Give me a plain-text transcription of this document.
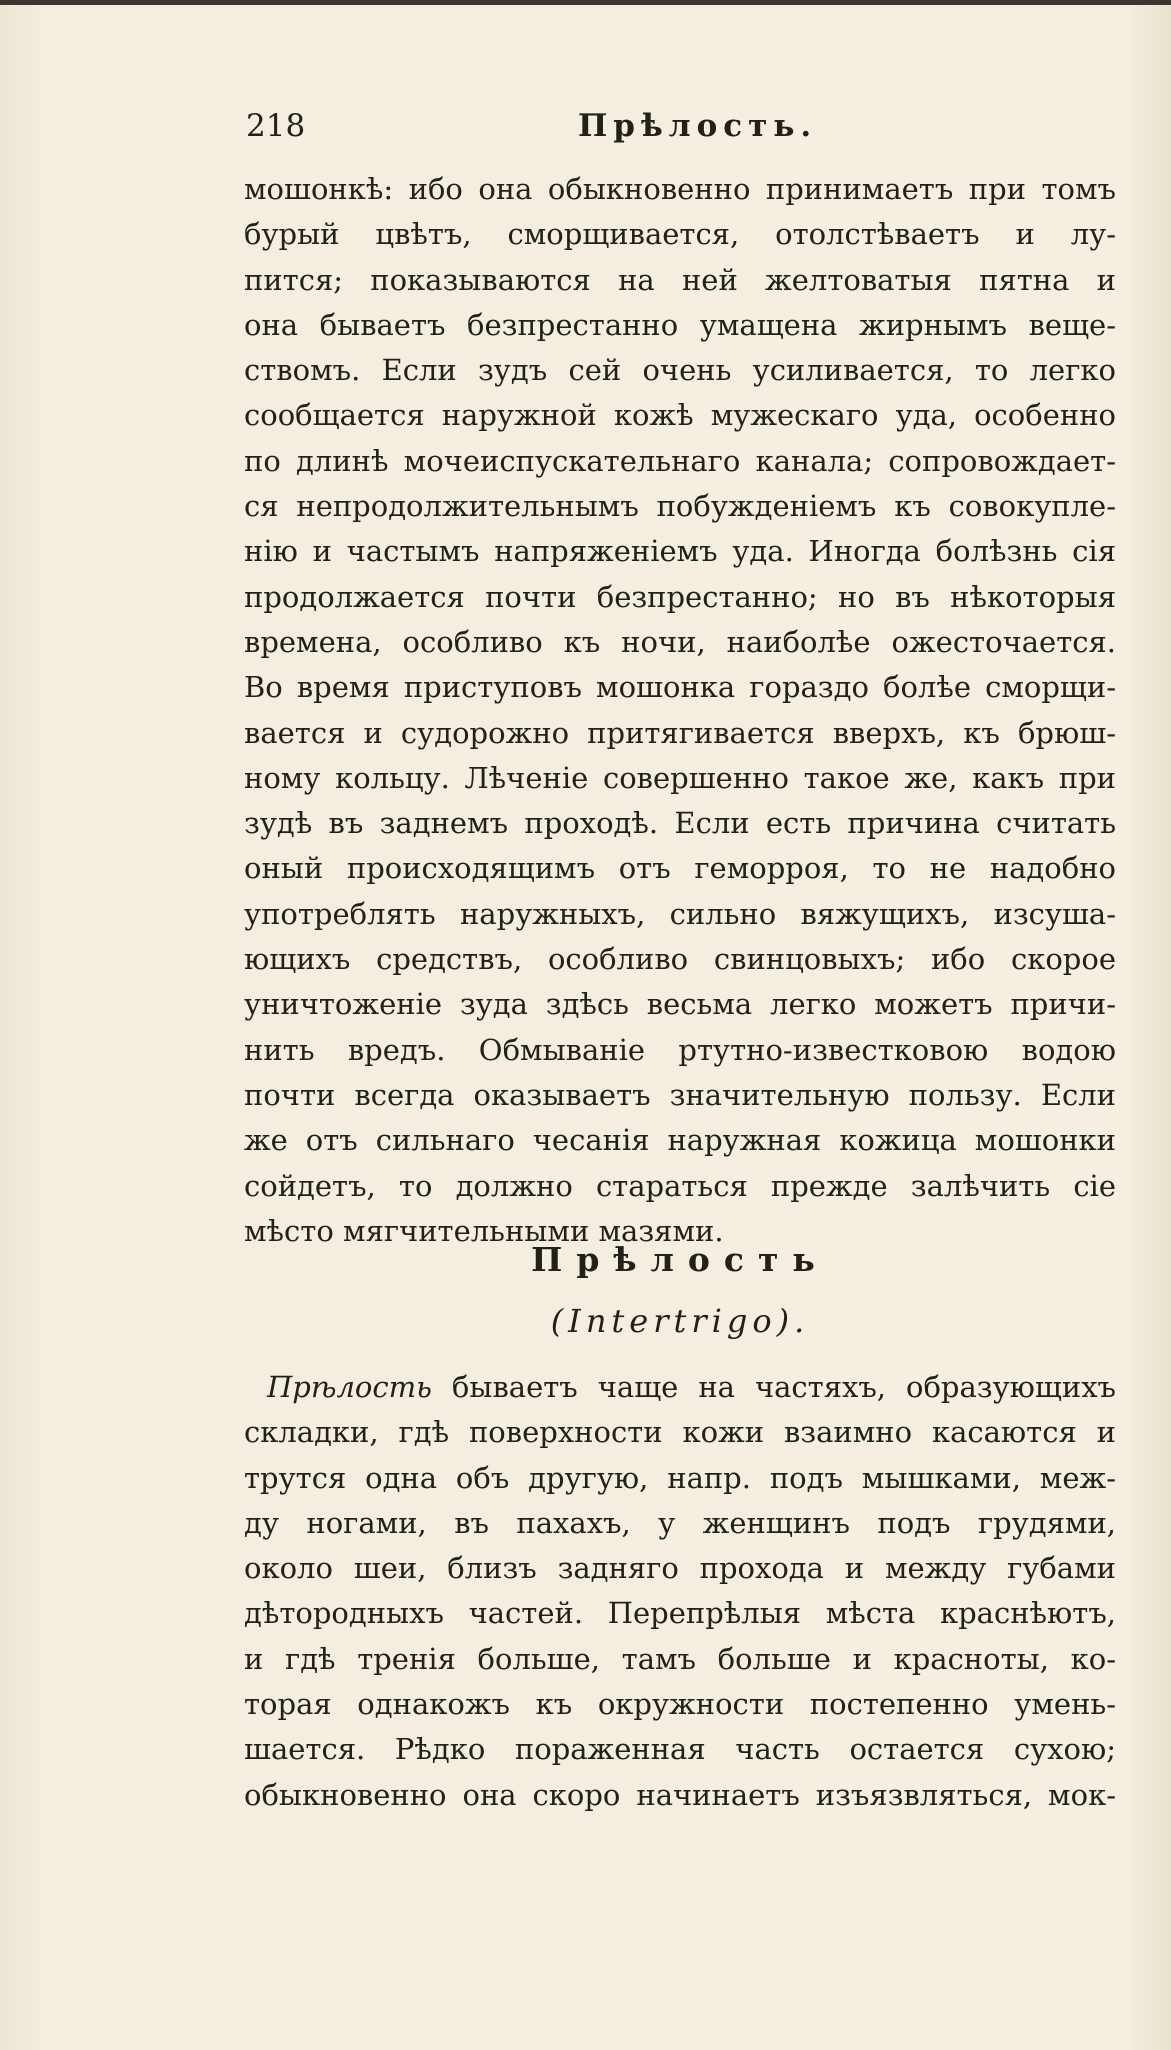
218	Прѣлость.
мошонкѣ: ибо она обыкновенно принимаетъ при томъ
бурый цвѣтъ, сморщивается, отолстѣваетъ и лу-
пится; показываются на ней желтоватыя пятна и
она бываетъ безпрестанно умащена жирнымъ веще-
ствомъ. Если зудъ сей очень усиливается, то легко
сообщается наружной кожѣ мужескаго уда, особенно
по длинѣ мочеиспускательнаго канала; сопровождает-
ся непродолжительнымъ побужденіемъ къ совокупле-
нію и частымъ напряженіемъ уда. Иногда болѣзнь сія
продолжается почти безпрестанно; но въ нѣкоторыя
времена, особливо къ ночи, наиболѣе ожесточается.
Во время приступовъ мошонка гораздо болѣе сморщи-
вается и судорожно притягивается вверхъ, къ брюш-
ному кольцу. Лѣченіе совершенно такое же, какъ при
зудѣ въ заднемъ проходѣ. Если есть причина считать
оный происходящимъ отъ геморроя, то не надобно
употреблять наружныхъ, сильно вяжущихъ, изсуша-
ющихъ средствъ, особливо свинцовыхъ; ибо скорое
уничтоженіе зуда здѣсь весьма легко можетъ причи-
нить вредъ. Обмываніе ртутно-известковою водою
почти всегда оказываетъ значительную пользу. Если
же отъ сильнаго чесанія наружная кожица мошонки
сойдетъ, то должно стараться прежде залѣчить сіе
мѣсто мягчительными мазями.
Прѣлость
(Intertrigo).
Прѣлость бываетъ чаще на частяхъ, образующихъ
складки, гдѣ поверхности кожи взаимно касаются и
трутся одна объ другую, напр. подъ мышками, меж-
ду ногами, въ пахахъ, у женщинъ подъ грудями,
около шеи, близъ задняго прохода и между губами
дѣтородныхъ частей. Перепрѣлыя мѣста краснѣютъ,
и гдѣ тренія больше, тамъ больше и красноты, ко-
торая однакожъ къ окружности постепенно умень-
шается. Рѣдко пораженная часть остается сухою;
обыкновенно она скоро начинаетъ изъязвляться, мок-
